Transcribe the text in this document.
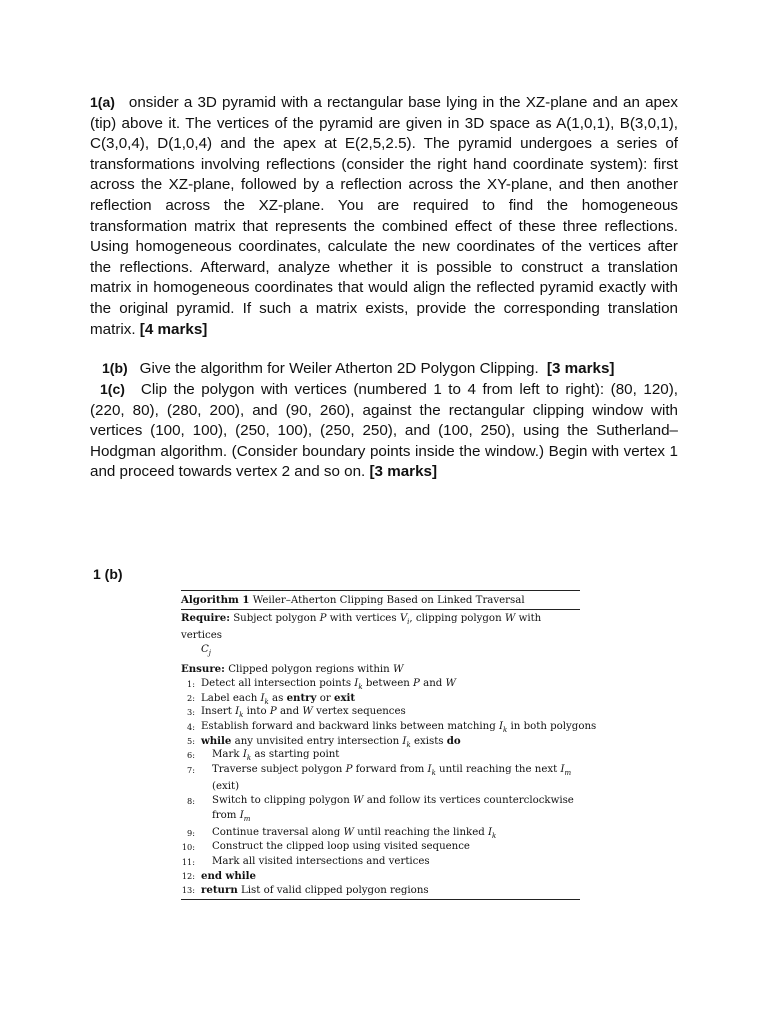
1(a) onsider a 3D pyramid with a rectangular base lying in the XZ-plane and an apex (tip) above it. The vertices of the pyramid are given in 3D space as A(1,0,1), B(3,0,1), C(3,0,4), D(1,0,4) and the apex at E(2,5,2.5). The pyramid undergoes a series of transformations involving reflections (consider the right hand coordinate system): first across the XZ-plane, followed by a reflection across the XY-plane, and then another reflection across the XZ-plane. You are required to find the homogeneous transformation matrix that represents the combined effect of these three reflections. Using homogeneous coordinates, calculate the new coordinates of the vertices after the reflections. Afterward, analyze whether it is possible to construct a translation matrix in homogeneous coordinates that would align the reflected pyramid exactly with the original pyramid. If such a matrix exists, provide the corresponding translation matrix. [4 marks]
1(b) Give the algorithm for Weiler Atherton 2D Polygon Clipping. [3 marks]
1(c) Clip the polygon with vertices (numbered 1 to 4 from left to right): (80, 120), (220, 80), (280, 200), and (90, 260), against the rectangular clipping window with vertices (100, 100), (250, 100), (250, 250), and (100, 250), using the Sutherland–Hodgman algorithm. (Consider boundary points inside the window.) Begin with vertex 1 and proceed towards vertex 2 and so on. [3 marks]
1 (b)
Algorithm 1 Weiler–Atherton Clipping Based on Linked Traversal
Require: Subject polygon P with vertices $V_i$, clipping polygon W with vertices
$C_j$
Ensure: Clipped polygon regions within W
1: Detect all intersection points $I_k$ between P and W
2: Label each $I_k$ as entry or exit
3: Insert $I_k$ into P and W vertex sequences
4: Establish forward and backward links between matching $I_k$ in both polygons
5: while any unvisited entry intersection $I_k$ exists do
6: Mark $I_k$ as starting point
7:	Traverse subject polygon P forward from $I_k$ until reaching the next $I_m$
(exit)
8:	Switch to clipping polygon W and follow its vertices counterclockwise
from $I_m$
9: Continue traversal along W until reaching the linked $I_k$
10: Construct the clipped loop using visited sequence
11: Mark all visited intersections and vertices
12: end while
13: return List of valid clipped polygon regions
